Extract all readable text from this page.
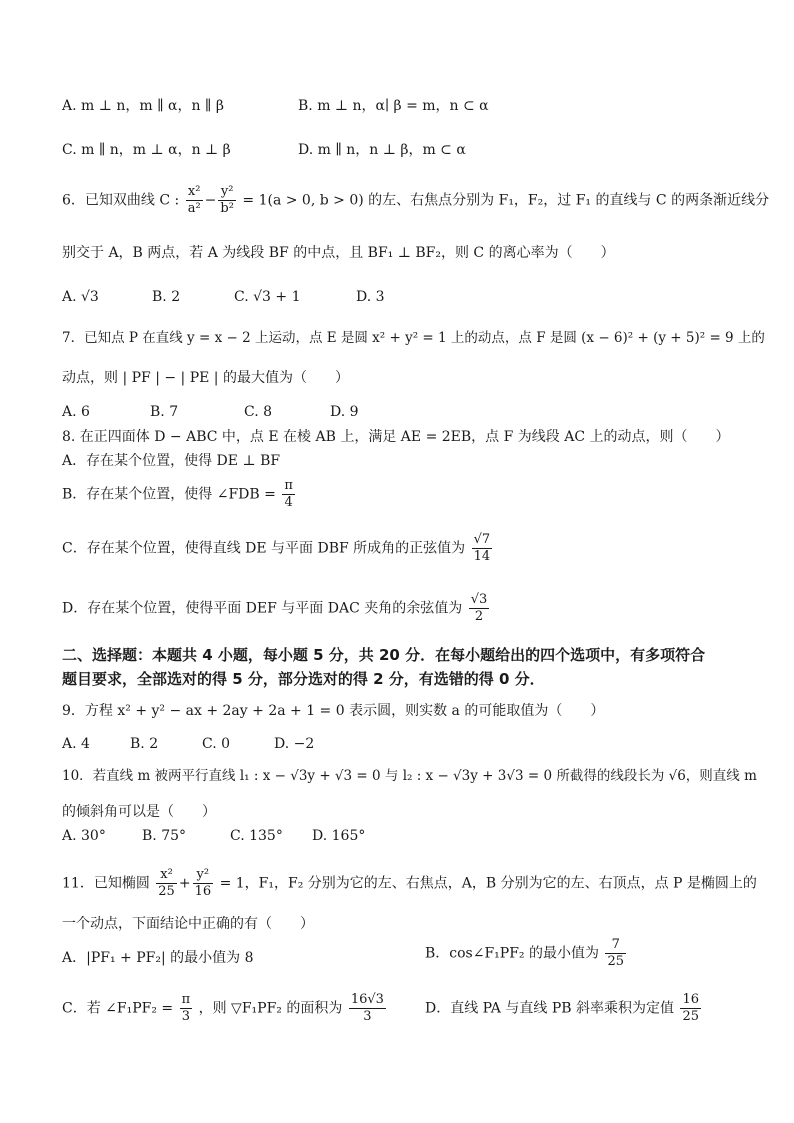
A. m ⊥ n，m ∥ α，n ∥ β	B. m ⊥ n，α∣ β = m，n ⊂ α
C. m ∥ n，m ⊥ α，n ⊥ β	D. m ∥ n，n ⊥ β，m ⊂ α
6．已知双曲线 C : $\frac{\text{x²}}{\text{a²}} - \frac{\text{y²}}{\text{b²}} = 1(a > 0$, b > 0) 的左、右焦点分别为 F₁，F₂，过 F₁ 的直线与 C 的两条渐近线分
别交于 A，B 两点，若 A 为线段 BF 的中点，且 BF₁ ⊥ BF₂，则 C 的离心率为（　　）
A. √3	B. 2	C. √3 + 1	D. 3
7．已知点 P 在直线 y = x − 2 上运动，点 E 是圆 x² + y² = 1 上的动点，点 F 是圆 (x − 6)² + (y + 5)² = 9 上的
动点，则 | PF | − | PE | 的最大值为（　　）
A. 6	B. 7	C. 8	D. 9
8. 在正四面体 D − ABC 中，点 E 在棱 AB 上，满足 AE = 2EB，点 F 为线段 AC 上的动点，则（　　）
A．存在某个位置，使得 DE ⊥ BF
B．存在某个位置，使得 ∠FDB = $\frac{\pi}{4}$
C．存在某个位置，使得直线 DE 与平面 DBF 所成角的正弦值为 $\frac{√7}{14}$
D．存在某个位置，使得平面 DEF 与平面 DAC 夹角的余弦值为 $\frac{√3}{2}$
二、选择题：本题共 4 小题，每小题 5 分，共 20 分．在每小题给出的四个选项中，有多项符合
题目要求，全部选对的得 5 分，部分选对的得 2 分，有选错的得 0 分．
9．方程 x² + y² − ax + 2ay + 2a + 1 = 0 表示圆，则实数 a 的可能取值为（　　）
A. 4	B. 2	C. 0	D. −2
10．若直线 m 被两平行直线 l₁ : x − √3y + √3 = 0 与 l₂ : x − √3y + 3√3 = 0 所截得的线段长为 √6，则直线 m
的倾斜角可以是（　　）
A. 30°	B. 75°	C. 135° D. 165°
11．已知椭圆 $\frac{\text{x²}}{25} + \frac{\text{y²}}{16} = 1$，F₁，F₂ 分别为它的左、右焦点，A，B 分别为它的左、右顶点，点 P 是椭圆上的
一个动点，下面结论中正确的有（　　）
A．|PF₁ + PF₂| 的最小值为 8	B．cos∠F₁PF₂ 的最小值为 $\frac{7}{25}$
C．若 ∠F₁PF₂ = $\frac{\pi}{3}$ ，则 ▽F₁PF₂ 的面积为 $\frac{16√3}{3}$	D．直线 PA 与直线 PB 斜率乘积为定值 $\frac{16}{25}$
